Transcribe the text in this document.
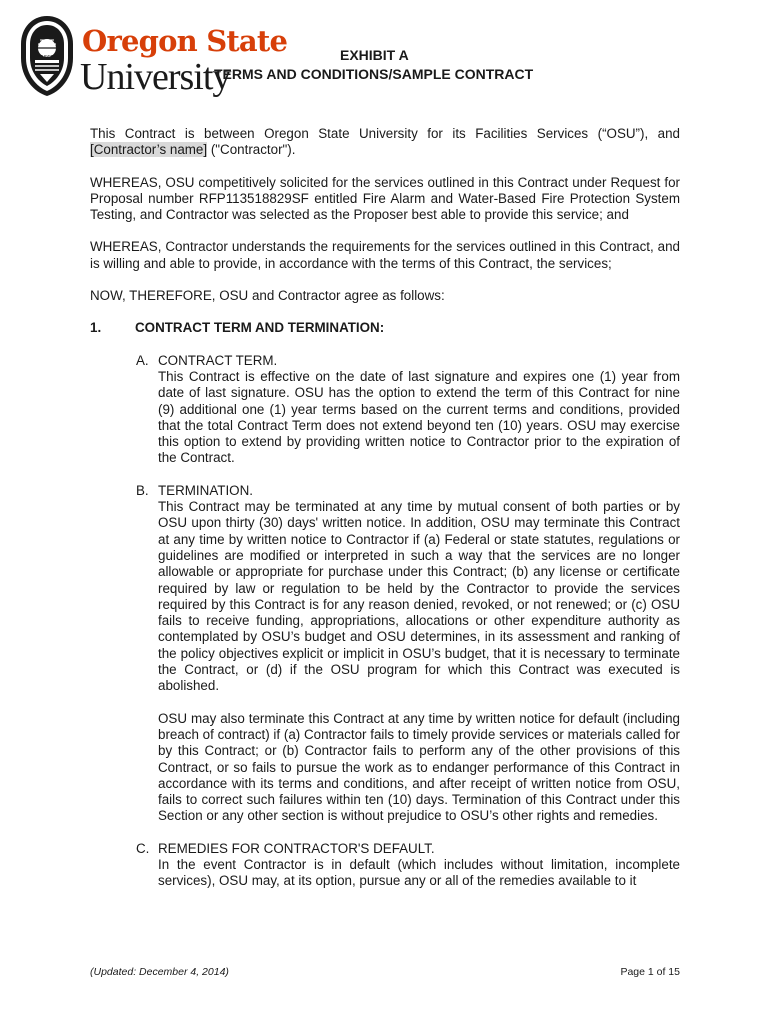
1868 Oregon State
University
EXHIBIT A
TERMS AND CONDITIONS/SAMPLE CONTRACT

This Contract is between Oregon State University for its Facilities Services (“OSU”), and [Contractor’s name] ("Contractor").

WHEREAS, OSU competitively solicited for the services outlined in this Contract under Request for Proposal number RFP113518829SF entitled Fire Alarm and Water-Based Fire Protection System Testing, and Contractor was selected as the Proposer best able to provide this service; and

WHEREAS, Contractor understands the requirements for the services outlined in this Contract, and is willing and able to provide, in accordance with the terms of this Contract, the services;

NOW, THEREFORE, OSU and Contractor agree as follows:

1.	CONTRACT TERM AND TERMINATION:
A. CONTRACT TERM.
This Contract is effective on the date of last signature and expires one (1) year from date of last signature. OSU has the option to extend the term of this Contract for nine (9) additional one (1) year terms based on the current terms and conditions, provided that the total Contract Term does not extend beyond ten (10) years. OSU may exercise this option to extend by providing written notice to Contractor prior to the expiration of the Contract.
B. TERMINATION.
This Contract may be terminated at any time by mutual consent of both parties or by OSU upon thirty (30) days' written notice. In addition, OSU may terminate this Contract at any time by written notice to Contractor if (a) Federal or state statutes, regulations or guidelines are modified or interpreted in such a way that the services are no longer allowable or appropriate for purchase under this Contract; (b) any license or certificate required by law or regulation to be held by the Contractor to provide the services required by this Contract is for any reason denied, revoked, or not renewed; or (c) OSU fails to receive funding, appropriations, allocations or other expenditure authority as contemplated by OSU’s budget and OSU determines, in its assessment and ranking of the policy objectives explicit or implicit in OSU’s budget, that it is necessary to terminate the Contract, or (d) if the OSU program for which this Contract was executed is abolished.
OSU may also terminate this Contract at any time by written notice for default (including breach of contract) if (a) Contractor fails to timely provide services or materials called for by this Contract; or (b) Contractor fails to perform any of the other provisions of this Contract, or so fails to pursue the work as to endanger performance of this Contract in accordance with its terms and conditions, and after receipt of written notice from OSU, fails to correct such failures within ten (10) days. Termination of this Contract under this Section or any other section is without prejudice to OSU’s other rights and remedies.
C. REMEDIES FOR CONTRACTOR'S DEFAULT.
In the event Contractor is in default (which includes without limitation, incomplete services), OSU may, at its option, pursue any or all of the remedies available to it
(Updated: December 4, 2014)	Page 1 of 15
